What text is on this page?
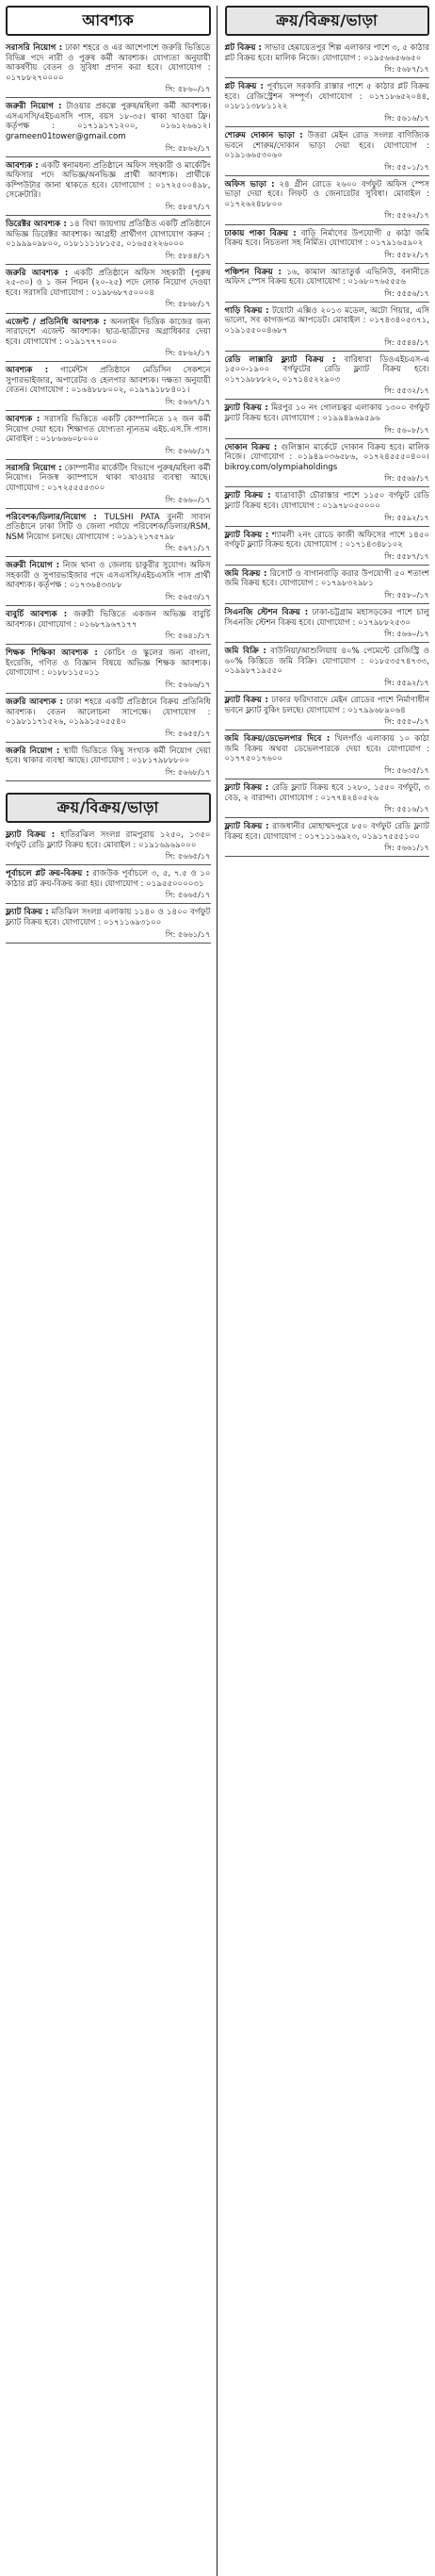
আবশ্যক
সরাসরি নিয়োগ : ঢাকা শহরে ও এর আশেপাশে জরুরি ভিত্তিতে বিভিন্ন পদে নারী ও পুরুষ কর্মী আবশ্যক। যোগ্যতা অনুযায়ী আকর্ষণীয় বেতন ও সুবিধা প্রদান করা হবে। যোগাযোগ : ০১৭৮৮২৭০০০০
সি: ৫৮৬০/১৭
জরুরী নিয়োগ : টাওয়ার প্রকল্পে পুরুষ/মহিলা কর্মী আবশ্যক। এসএসসি/এইচএসসি পাস, বয়স ১৮-৩৫। থাকা খাওয়া ফ্রি। কর্তৃপক্ষ : ০১৭১৯১৭১২০০, ০১৬১২৬৬১২। grameen01tower@gmail.com
সি: ৫৮৬২/১৭
আবশ্যক : একটি স্বনামধন্য প্রতিষ্ঠানে অফিস সহকারী ও মার্কেটিং অফিসার পদে অভিজ্ঞ/অনভিজ্ঞ প্রার্থী আবশ্যক। প্রার্থীকে কম্পিউটার জানা থাকতে হবে। যোগাযোগ : ০১৭২৫০০৪৯৮, সেক্রেটারি।
সি: ৫৮৪৭/১৭
ডিরেক্টর আবশ্যক : ১৪ বিঘা জায়গায় প্রতিষ্ঠিত একটি প্রতিষ্ঠানে অভিজ্ঞ ডিরেক্টর আবশ্যক। আগ্রহী প্রার্থীগণ যোগাযোগ করুন : ০১৯৯৯০৯৮০০, ০১৮১১১১৮১৫৫, ০১৬৫৫২২৬০০০
সি: ৫৮৪৪/১৭
জরুরি আবশ্যক : একটি প্রতিষ্ঠানে অফিস সহকারী (পুরুষ ২৫-৩০) ও ১ জন পিয়ন (২০-২৫) পদে লোক নিয়োগ দেওয়া হবে। সরাসরি যোগাযোগ : ০১৯৮৬৮৭৫০০০৪
সি: ৫৮৬৮/১৭
এজেন্ট / প্রতিনিধি আবশ্যক : অনলাইন ভিত্তিক কাজের জন্য সারাদেশে এজেন্ট আবশ্যক। ছাত্র-ছাত্রীদের অগ্রাধিকার দেয়া হবে। যোগাযোগ : ০১৯১৭৭৭০০০
সি: ৫৮৬২/১৭
আবশ্যক : গার্মেন্টস প্রতিষ্ঠানে মেডিসিন সেকশনে সুপারভাইজার, অপারেটর ও হেলপার আবশ্যক। দক্ষতা অনুযায়ী বেতন। যোগাযোগ : ০১৬৪৮৮৮০০২, ০১৯৭৯১৮৮৪০১।
সি: ৫৬৬৭/১৭
আবশ্যক : সরাসরি ভিত্তিতে একটি কোম্পানিতে ১২ জন কর্মী নিয়োগ দেয়া হবে। শিক্ষাগত যোগ্যতা ন্যূনতম এইচ.এস.সি পাস। মোবাইল : ০১৮৬৬৬০৮০০০
সি: ৫৬৬৮/১৭
সরাসরি নিয়োগ : কোম্পানীর মার্কেটিং বিভাগে পুরুষ/মহিলা কর্মী নিয়োগ। নিজস্ব ক্যাম্পাসে থাকা খাওয়ার ব্যবস্থা আছে। যোগাযোগ : ০১৭২৫৫৫৫৩০০
সি: ৫৬৬০/১৭
পরিবেশক/ডিলার/নিয়োগ : TULSHI PATA বুননী সাবান প্রতিষ্ঠানে ঢাকা সিটি ও জেলা পর্যায়ে পরিবেশক/ডিলার/RSM, NSM নিয়োগ চলছে। যোগাযোগ : ০১৯১২১৭৫৭৯৮
সি: ৫৬৭১/১৭
জরুরী নিয়োগ : নিজ থানা ও জেলায় চাকুরীর সুযোগ। অফিস সহকারী ও সুপারভাইজার পদে এসএসসি/এইচএসসি পাস প্রার্থী আবশ্যক। কর্তৃপক্ষ : ০১৭৩৬৪৩৩৮৮
সি: ৫৬৫৩/১৭
বাবুর্চি আবশ্যক : জরুরী ভিত্তিতে একজন অভিজ্ঞ বাবুর্চি আবশ্যক। যোগাযোগ : ০১৬৮৭৯৬৭১৭৭
সি: ৫৬৪১/১৭
শিক্ষক শিক্ষিকা আবশ্যক : কোচিং ও স্কুলের জন্য বাংলা, ইংরেজি, গণিত ও বিজ্ঞান বিষয়ে অভিজ্ঞ শিক্ষক আবশ্যক। যোগাযোগ : ০১৮৮১১৫০১১
সি: ৫৬৬৬/১৭
জরুরি আবশ্যক : ঢাকা শহরে একটি প্রতিষ্ঠানে বিক্রয় প্রতিনিধি আবশ্যক। বেতন আলোচনা সাপেক্ষে। যোগাযোগ : ০১৯৮১১৭১৫২৬, ০১৯৯১৫০৫৫৪০
সি: ৫৬৫৫/১৭
জরুরি নিয়োগ : স্থায়ী ভিত্তিতে কিছু সংখ্যক কর্মী নিয়োগ দেয়া হবে। থাকার ব্যবস্থা আছে। যোগাযোগ : ০১৮১৭৯৮৮৮০০
সি: ৫৬৬৮/১৭
ক্রয়/বিক্রয়/ভাড়া
ফ্ল্যাট বিক্রয় : হাতিরঝিল সংলগ্ন রামপুরায় ১২৫০, ১৩৫০ বর্গফুট রেডি ফ্ল্যাট বিক্রয় হবে। মোবাইল : ০১৯১৬৯৬৯০০০
সি: ৫৬৬৫/১৭
পূর্বাচলে প্লট ক্রয়-বিক্রয় : রাজউক পূর্বাচলে ৩, ৫, ৭.৫ ও ১০ কাঠার প্লট ক্রয়-বিক্রয় করা হয়। যোগাযোগ : ০১৯৫৫০০০০৩১
সি: ৫৬৬৫/১৭
ফ্ল্যাট বিক্রয় : মতিঝিল সংলগ্ন এলাকায় ১১৪০ ও ১৪০০ বর্গফুট ফ্ল্যাট বিক্রয় হবে। যোগাযোগ : ০১৭১১৬৯৩১০০
সি: ৫৬৬১/১৭
ক্রয়/বিক্রয়/ভাড়া
প্লট বিক্রয় : সাভার হেমায়েতপুর শিল্প এলাকার পাশে ৩, ৫ কাঠার প্লট বিক্রয় হবে। মালিক নিজে। যোগাযোগ : ০১৯৫৬৬৫৬৬৫০
সি: ৫৬৮৭/১৭
প্লট বিক্রয় : পূর্বাচলে সরকারি রাস্তার পাশে ৫ কাঠার প্লট বিক্রয় হবে। রেজিস্ট্রেশন সম্পূর্ণ। যোগাযোগ : ০১৭১৮৬৫২০৪৪, ০১৮১১৩৮৮১১২২
সি: ৫৬১৬/১৭
শোরুম দোকান ভাড়া : উত্তরা মেইন রোড সংলগ্ন বাণিজ্যিক ভবনে শোরুম/দোকান ভাড়া দেয়া হবে। যোগাযোগ : ০১৯১৬৬৫৩০৬০
সি: ৫৫০১/১৭
অফিস ভাড়া : ২৪ গ্রীন রোডে ২৬০০ বর্গফুট অফিস স্পেস ভাড়া দেয়া হবে। লিফট ও জেনারেটর সুবিধা। মোবাইল : ০১৭২৬২৪৮৮০০
সি: ৫৫৬২/১৭
ঢাকায় পাকা বিক্রয় : বাড়ি নির্মাণের উপযোগী ৫ কাঠা জমি বিক্রয় হবে। নিচতলা সহ নির্মিত। যোগাযোগ : ০১৭৯১৬৫৯০২
সি: ৫৫৮২/১৭
পঞ্চিশন বিক্রয় : ১৬, কামাল আতাতুর্ক এভিনিউ, বনানীতে অফিস স্পেস বিক্রয় হবে। যোগাযোগ : ০১৬৮০৭৬৫৫৫৬
সি: ৫৫৫৬/১৭
গাড়ি বিক্রয় : টয়োটা এক্সিও ২০১৩ মডেল, অটো গিয়ার, এসি ভালো, সব কাগজপত্র আপডেট। মোবাইল : ০১৭৪৩৪০৫৩৭১, ০১৯১৫৫০০৪৬৮৭
সি: ৫৫৪৪/১৭
রেডি লাক্সারি ফ্ল্যাট বিক্রয় : বারিধারা ডিওএইচএস-এ ১৫০০-১৯০০ বর্গফুটের রেডি ফ্ল্যাট বিক্রয় হবে। ০১৭১৯৮৮৮২০, ০১৭১৪৫২২৯০৩
সি: ৫৫৩২/১৭
ফ্ল্যাট বিক্রয় : মিরপুর ১০ নং গোলচত্বর এলাকায় ১৩০০ বর্গফুট ফ্ল্যাট বিক্রয় হবে। যোগাযোগ : ০১৯৯৪৯৬৯৫৯৬
সি: ৫৬০৮/১৭
দোকান বিক্রয় : গুলিস্তান মার্কেটে দোকান বিক্রয় হবে। মালিক নিজে। যোগাযোগ : ০১৯৪৯০৩৬৫৮৬, ০১৭২৪৫৫৫০৪০০। bikroy.com/olympiaholdings
সি: ৫৫৬৮/১৭
ফ্ল্যাট বিক্রয় : যাত্রাবাড়ী চৌরাস্তার পাশে ১১৫০ বর্গফুট রেডি ফ্ল্যাট বিক্রয় হবে। যোগাযোগ : ০১৯৭৮০৫০০০০
সি: ৫৫৯২/১৭
ফ্ল্যাট বিক্রয় : শ্যামলী ২নং রোডে কাজী অফিসের পাশে ১৪৫০ বর্গফুট ফ্ল্যাট বিক্রয় হবে। যোগাযোগ : ০১৭১৪৩৪৮১০২
সি: ৫৫৮৭/১৭
জমি বিক্রয় : রিসোর্ট ও বাগানবাড়ি করার উপযোগী ৫০ শতাংশ জমি বিক্রয় হবে। যোগাযোগ : ০১৭৯৮৩২৯৮১
সি: ৫৫৮০/১৭
সিএনজি স্টেশন বিক্রয় : ঢাকা-চট্টগ্রাম মহাসড়কের পাশে চালু সিএনজি স্টেশন বিক্রয় হবে। যোগাযোগ : ০১৭৯৮৮২৫৩০
সি: ৫৬৬০/১৭
জমি বিক্রি : বাউনিয়া/আশুলিয়ায় ৪০% পেমেন্টে রেজিস্ট্রি ও ৬০% কিস্তিতে জমি বিক্রি। যোগাযোগ : ০১৮৫৩৫৭৪৭৩৩, ০১৯৯৮৭১৯৫৫০
সি: ৫৫৯২/১৭
ফ্ল্যাট বিক্রয় : ঢাকার ফরিদাবাদে মেইন রোডের পাশে নির্মাণাধীন ভবনে ফ্ল্যাট বুকিং চলছে। যোগাযোগ : ০১৭৯৯৬৮৯০৬৪
সি: ৫৫৫০/১৭
জমি বিক্রয়/ডেভেলপার দিবে : খিলগাঁও এলাকায় ১০ কাঠা জমি বিক্রয় অথবা ডেভেলপারকে দেয়া হবে। যোগাযোগ : ০১৭৭৫০১৭৬০০
সি: ৫৬৩৫/১৭
ফ্ল্যাট বিক্রয় : রেডি ফ্ল্যাট বিক্রয় হবে ১২৮০, ১৫৫০ বর্গফুট, ৩ বেড, ২ বারান্দা। যোগাযোগ : ০১৭৭৪২৪০৫২৬
সি: ৫৫১৬/১৭
ফ্ল্যাট বিক্রয় : রাজধানীর মোহাম্মদপুরে ৮৫০ বর্গফুট রেডি ফ্ল্যাট বিক্রয় হবে। যোগাযোগ : ০১৭১১১৬৯২৩, ০১৯১৭৫৫৫১০০
সি: ৫৬৬১/১৭
